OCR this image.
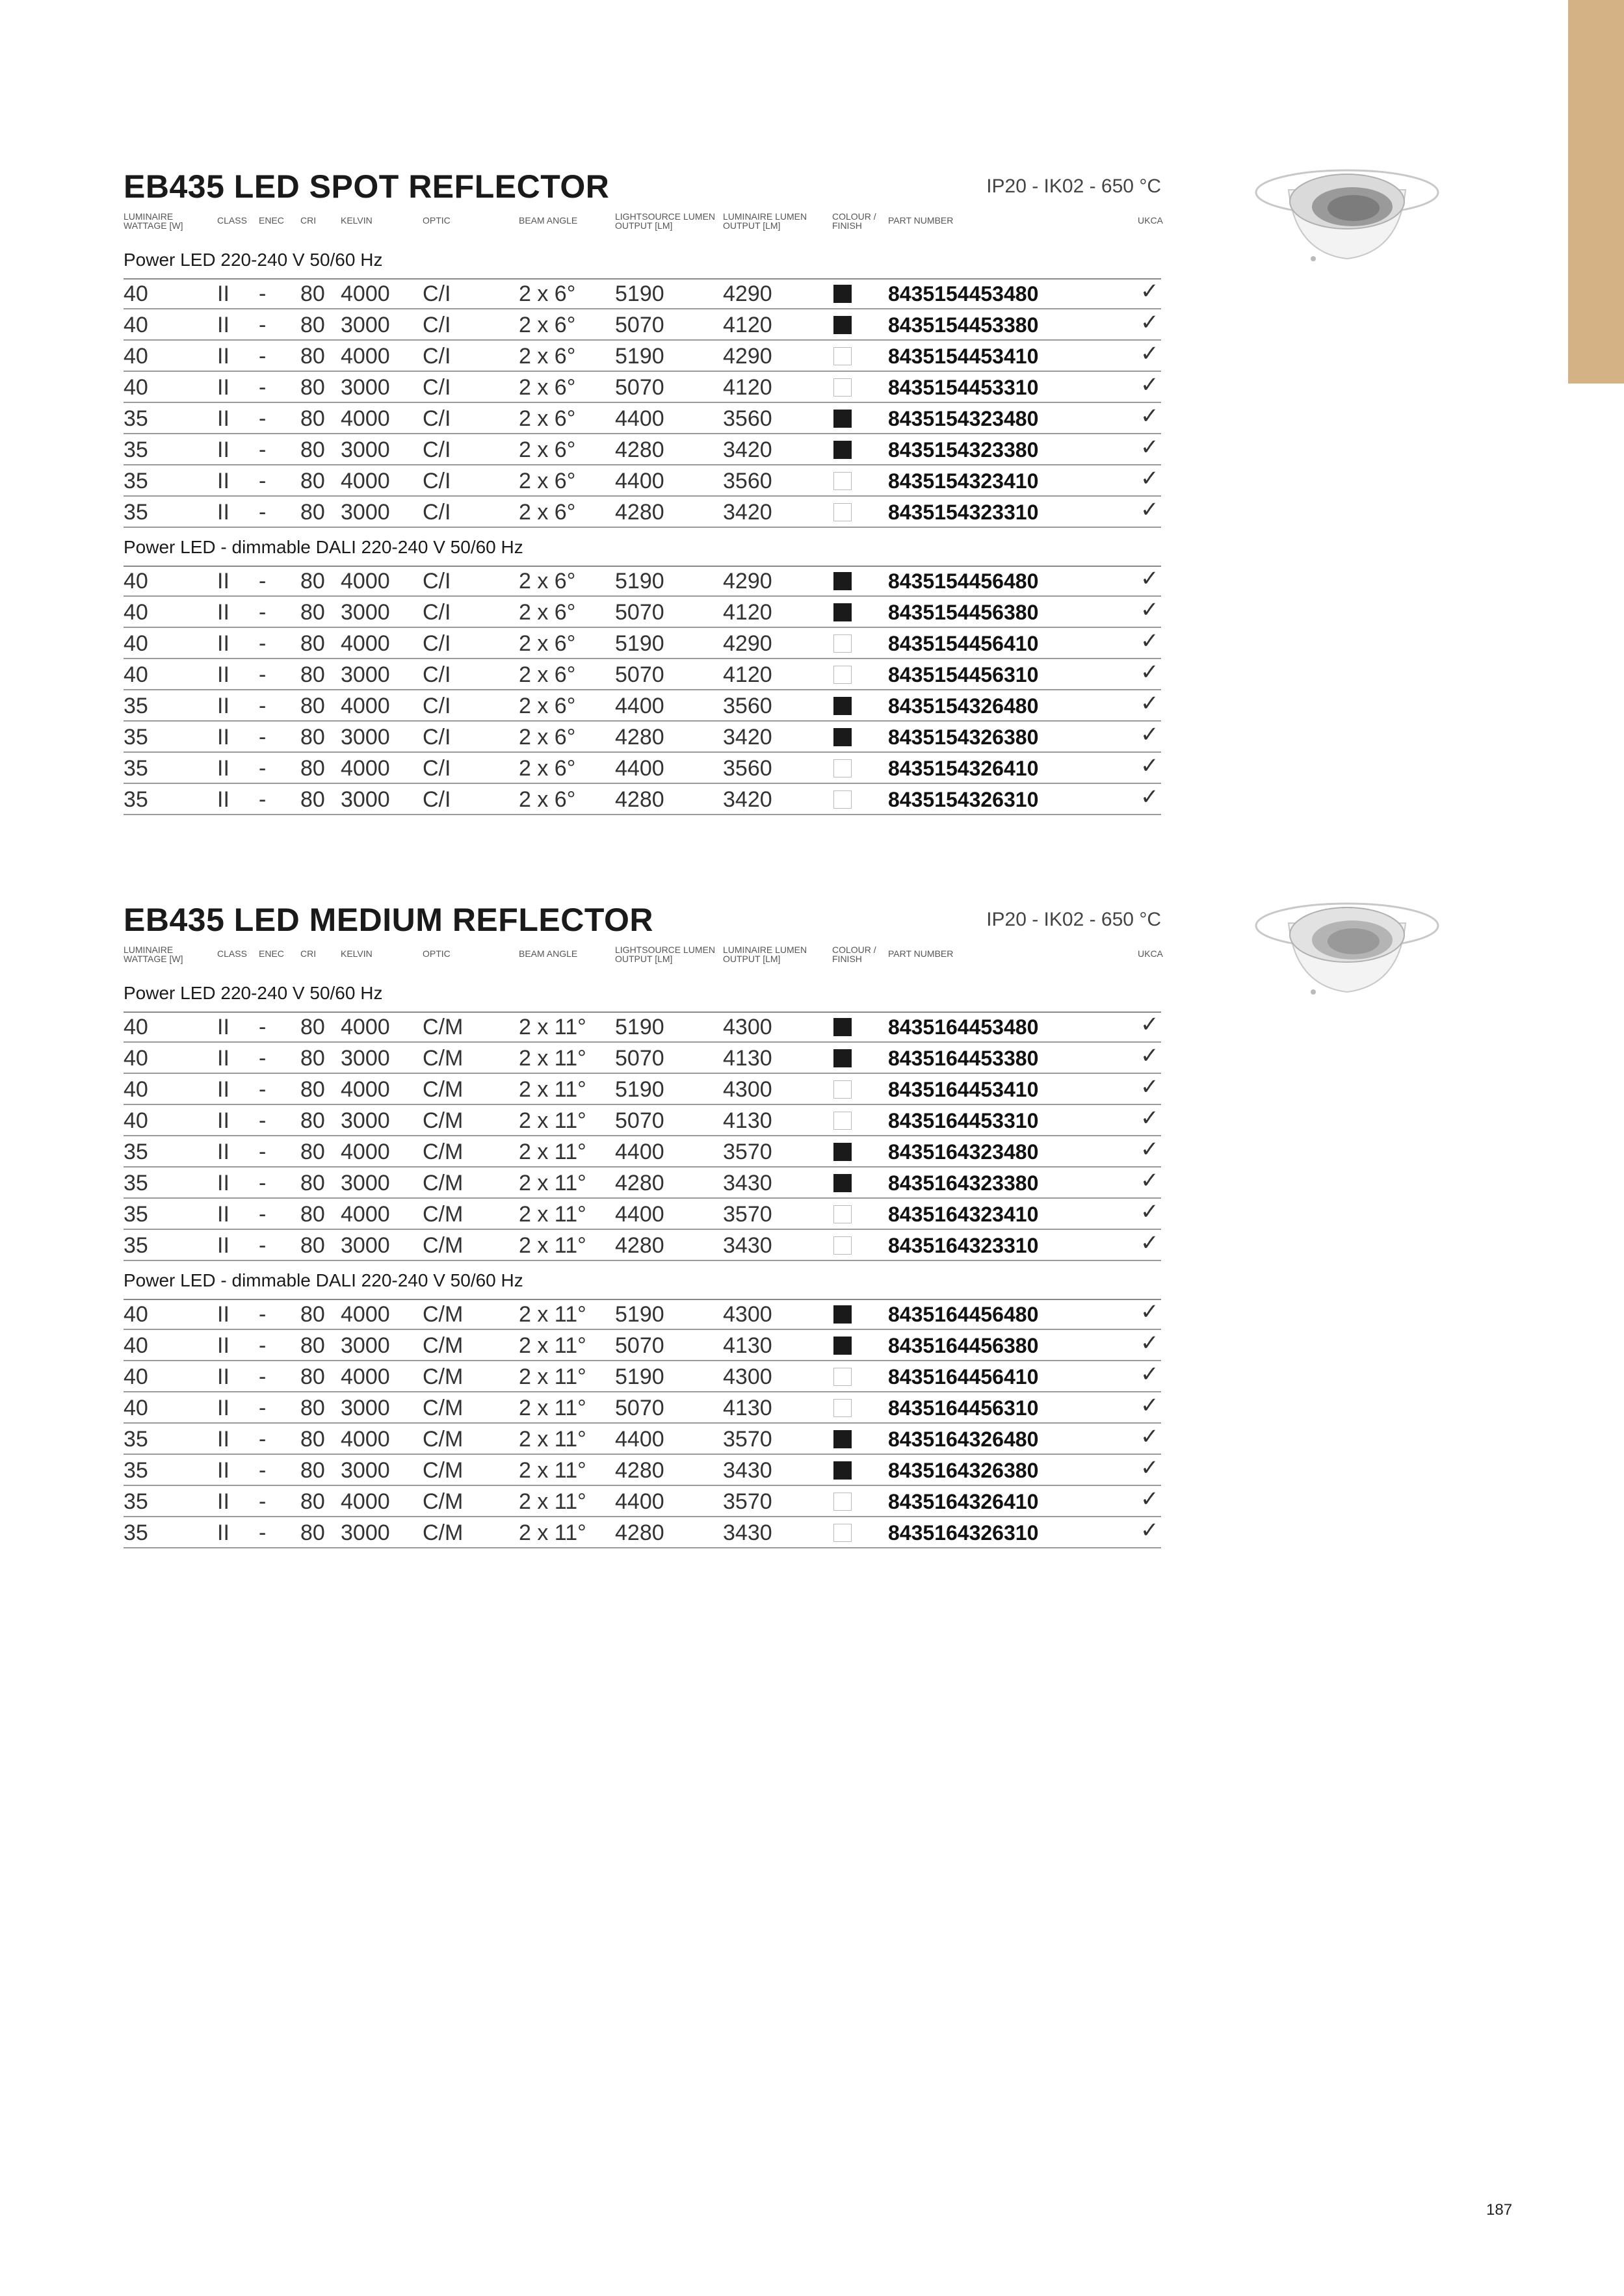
EB435 LED SPOT REFLECTOR	IP20 - IK02 - 650 °C
LUMINAIRE
WATTAGE [W]	CLASS ENEC CRI	KELVIN	OPTIC	BEAM ANGLE	LIGHTSOURCE LUMEN
OUTPUT [LM]
LUMINAIRE LUMEN
OUTPUT [LM]
COLOUR /
FINISH	PART NUMBER	UKCA
Power LED 220-240 V 50/60 Hz
40	II - 80 4000 C/I	2 x 6° 5190	4290	8435154453480	✓
40	II - 80 3000 C/I	2 x 6° 5070	4120	8435154453380	✓
40	II - 80 4000 C/I	2 x 6° 5190	4290	8435154453410	✓
40	II - 80 3000 C/I	2 x 6° 5070	4120	8435154453310	✓
35	II - 80 4000 C/I	2 x 6° 4400	3560	8435154323480	✓
35	II - 80 3000 C/I	2 x 6° 4280	3420	8435154323380	✓
35	II - 80 4000 C/I	2 x 6° 4400	3560	8435154323410	✓
35	II - 80 3000 C/I	2 x 6° 4280	3420	8435154323310	✓
Power LED - dimmable DALI 220-240 V 50/60 Hz
40	II - 80 4000 C/I	2 x 6° 5190	4290	8435154456480	✓
40	II - 80 3000 C/I	2 x 6° 5070	4120	8435154456380	✓
40	II - 80 4000 C/I	2 x 6° 5190	4290	8435154456410	✓
40	II - 80 3000 C/I	2 x 6° 5070	4120	8435154456310	✓
35	II - 80 4000 C/I	2 x 6° 4400	3560	8435154326480	✓
35	II - 80 3000 C/I	2 x 6° 4280	3420	8435154326380	✓
35	II - 80 4000 C/I	2 x 6° 4400	3560	8435154326410	✓
35	II - 80 3000 C/I	2 x 6° 4280	3420	8435154326310	✓
EB435 LED MEDIUM REFLECTOR	IP20 - IK02 - 650 °C
LUMINAIRE
WATTAGE [W]	CLASS ENEC CRI	KELVIN	OPTIC	BEAM ANGLE	LIGHTSOURCE LUMEN
OUTPUT [LM]
LUMINAIRE LUMEN
OUTPUT [LM]
COLOUR /
FINISH	PART NUMBER	UKCA
Power LED 220-240 V 50/60 Hz
40	II - 80 4000 C/M	2 x 11° 5190	4300	8435164453480	✓
40	II - 80 3000 C/M	2 x 11° 5070	4130	8435164453380	✓
40	II - 80 4000 C/M	2 x 11° 5190	4300	8435164453410	✓
40	II - 80 3000 C/M	2 x 11° 5070	4130	8435164453310	✓
35	II - 80 4000 C/M	2 x 11° 4400	3570	8435164323480	✓
35	II - 80 3000 C/M	2 x 11° 4280	3430	8435164323380	✓
35	II - 80 4000 C/M	2 x 11° 4400	3570	8435164323410	✓
35	II - 80 3000 C/M	2 x 11° 4280	3430	8435164323310	✓
Power LED - dimmable DALI 220-240 V 50/60 Hz
40	II - 80 4000 C/M	2 x 11° 5190	4300	8435164456480	✓
40	II - 80 3000 C/M	2 x 11° 5070	4130	8435164456380	✓
40	II - 80 4000 C/M	2 x 11° 5190	4300	8435164456410	✓
40	II - 80 3000 C/M	2 x 11° 5070	4130	8435164456310	✓
35	II - 80 4000 C/M	2 x 11° 4400	3570	8435164326480	✓
35	II - 80 3000 C/M	2 x 11° 4280	3430	8435164326380	✓
35	II - 80 4000 C/M	2 x 11° 4400	3570	8435164326410	✓
35	II - 80 3000 C/M	2 x 11° 4280	3430	8435164326310	✓
187
